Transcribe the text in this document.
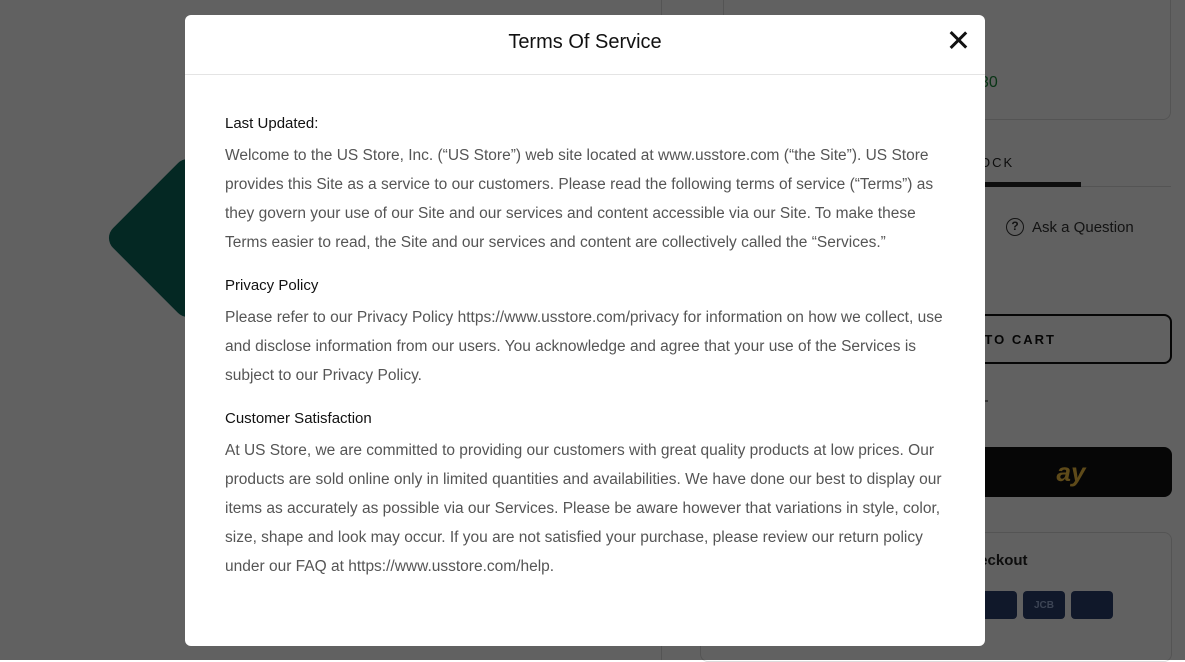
Terms Of Service
Last Updated:
Welcome to the US Store, Inc. (“US Store”) web site located at www.usstore.com (“the Site”). US Store provides this Site as a service to our customers. Please read the following terms of service (“Terms”) as they govern your use of our Site and our services and content accessible via our Site. To make these Terms easier to read, the Site and our services and content are collectively called the “Services.”
Privacy Policy
Please refer to our Privacy Policy https://www.usstore.com/privacy for information on how we collect, use and disclose information from our users. You acknowledge and agree that your use of the Services is subject to our Privacy Policy.
Customer Satisfaction
At US Store, we are committed to providing our customers with great quality products at low prices. Our products are sold online only in limited quantities and availabilities. We have done our best to display our items as accurately as possible via our Services. Please be aware however that variations in style, color, size, shape and look may occur. If you are not satisfied your purchase, please review our return policy under our FAQ at https://www.usstore.com/help.
